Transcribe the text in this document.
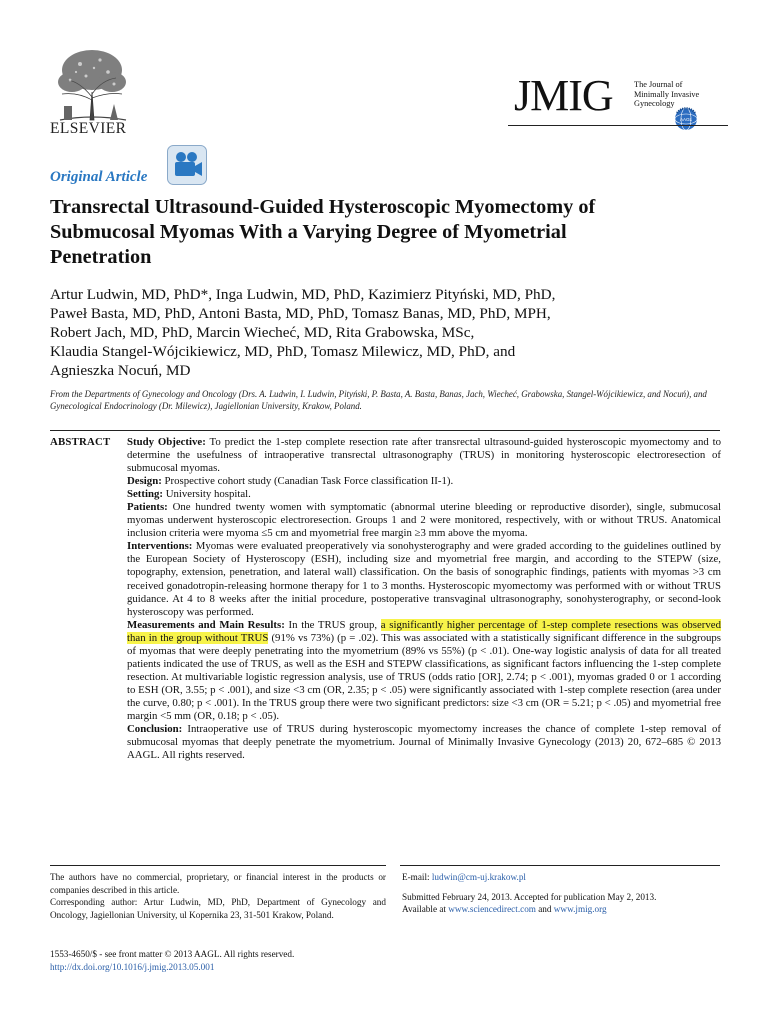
ELSEVIER
JMIG	The Journal of
Minimally Invasive
Gynecology
AAGL
Original Article
Transrectal Ultrasound-Guided Hysteroscopic Myomectomy of Submucosal Myomas With a Varying Degree of Myometrial Penetration
Artur Ludwin, MD, PhD*, Inga Ludwin, MD, PhD, Kazimierz Pityński, MD, PhD,
Paweł Basta, MD, PhD, Antoni Basta, MD, PhD, Tomasz Banas, MD, PhD, MPH,
Robert Jach, MD, PhD, Marcin Wiecheć, MD, Rita Grabowska, MSc,
Klaudia Stangel-Wójcikiewicz, MD, PhD, Tomasz Milewicz, MD, PhD, and
Agnieszka Nocuń, MD
From the Departments of Gynecology and Oncology (Drs. A. Ludwin, I. Ludwin, Pityński, P. Basta, A. Basta, Banas, Jach, Wiecheć, Grabowska, Stangel-Wójcikiewicz, and Nocuń), and Gynecological Endocrinology (Dr. Milewicz), Jagiellonian University, Krakow, Poland.
ABSTRACT Study Objective: To predict the 1-step complete resection rate after transrectal ultrasound-guided hysteroscopic myomectomy and to determine the usefulness of intraoperative transrectal ultrasonography (TRUS) in monitoring hysteroscopic electroresection of submucosal myomas.

Design: Prospective cohort study (Canadian Task Force classification II-1).

Setting: University hospital.

Patients: One hundred twenty women with symptomatic (abnormal uterine bleeding or reproductive disorder), single, submucosal myomas underwent hysteroscopic electroresection. Groups 1 and 2 were monitored, respectively, with or without TRUS. Anatomical inclusion criteria were myoma ≤5 cm and myometrial free margin ≥3 mm above the myoma.

Interventions: Myomas were evaluated preoperatively via sonohysterography and were graded according to the guidelines outlined by the European Society of Hysteroscopy (ESH), including size and myometrial free margin, and according to the STEPW (size, topography, extension, penetration, and lateral wall) classification. On the basis of sonographic findings, patients with myomas >3 cm received gonadotropin-releasing hormone therapy for 1 to 3 months. Hysteroscopic myomectomy was performed with or without TRUS guidance. At 4 to 8 weeks after the initial procedure, postoperative transvaginal ultrasonography, sonohysterography, or second-look hysteroscopy was performed.

Measurements and Main Results: In the TRUS group, a significantly higher percentage of 1-step complete resections was observed than in the group without TRUS (91% vs 73%) (p = .02). This was associated with a statistically significant difference in the subgroups of myomas that were deeply penetrating into the myometrium (89% vs 55%) (p < .01). One-way logistic analysis of data for all treated patients indicated the use of TRUS, as well as the ESH and STEPW classifications, as significant factors influencing the 1-step complete resection. At multivariable logistic regression analysis, use of TRUS (odds ratio [OR], 2.74; p < .001), myomas graded 0 or 1 according to ESH (OR, 3.55; p < .001), and size <3 cm (OR, 2.35; p < .05) were significantly associated with 1-step complete resection (area under the curve, 0.80; p < .001). In the TRUS group there were two significant predictors: size <3 cm (OR = 5.21; p < .05) and myometrial free margin <5 mm (OR, 0.18; p < .05).

Conclusion: Intraoperative use of TRUS during hysteroscopic myomectomy increases the chance of complete 1-step removal of submucosal myomas that deeply penetrate the myometrium. Journal of Minimally Invasive Gynecology (2013) 20, 672–685 © 2013 AAGL. All rights reserved.

The authors have no commercial, proprietary, or financial interest in the products or companies described in this article.

Corresponding author: Artur Ludwin, MD, PhD, Department of Gynecology and Oncology, Jagiellonian University, ul Kopernika 23, 31-501 Krakow, Poland.

E-mail: ludwin@cm-uj.krakow.pl

Submitted February 24, 2013. Accepted for publication May 2, 2013.

Available at www.sciencedirect.com and www.jmig.org

1553-4650/$ - see front matter © 2013 AAGL. All rights reserved.
http://dx.doi.org/10.1016/j.jmig.2013.05.001
